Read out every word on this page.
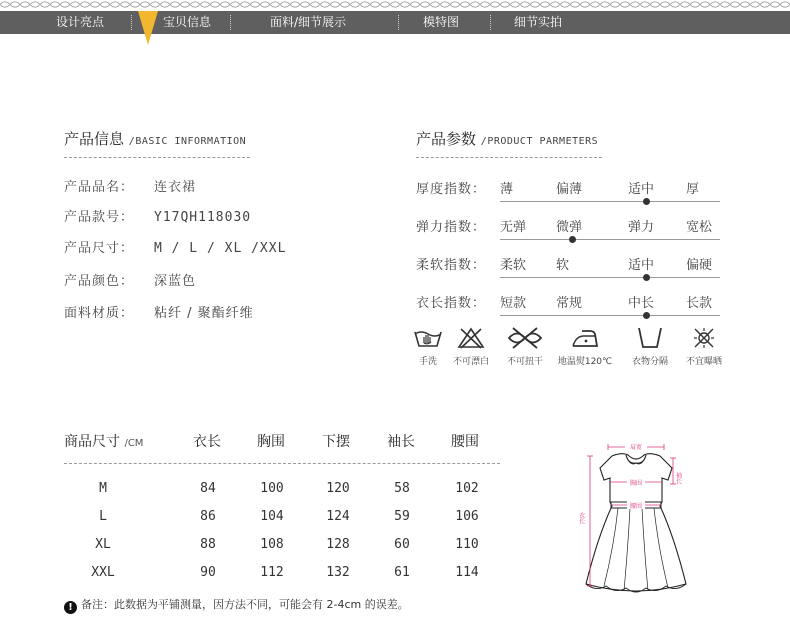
设计亮点	宝贝信息	面料/细节展示	模特图	细节实拍
产品信息 /BASIC INFORMATION
产品品名： 连衣裙
产品款号： Y17QH118030
产品尺寸： M / L / XL /XXL
产品颜色： 深蓝色
面料材质： 粘纤 / 聚酯纤维
产品参数 /PRODUCT PARMETERS
厚度指数： 薄	偏薄	适中 厚
弹力指数： 无弹 微弹	弹力 宽松
柔软指数： 柔软 软	适中 偏硬
衣长指数： 短款 常规	中长 长款
手洗	不可漂白	不可扭干	地温熨120℃	衣物分隔	不宜曝晒
商品尺寸 /CM	衣长	胸围	下摆	袖长	腰围
M	84	100	120	58	102
L	86	104	124	59	106
XL	88	108	128	60	110
XXL	90	112	132	61	114
! 备注：此数据为平铺测量，因方法不同，可能会有 2-4cm 的误差。
肩宽
胸围
腰围
袖长
衣长
